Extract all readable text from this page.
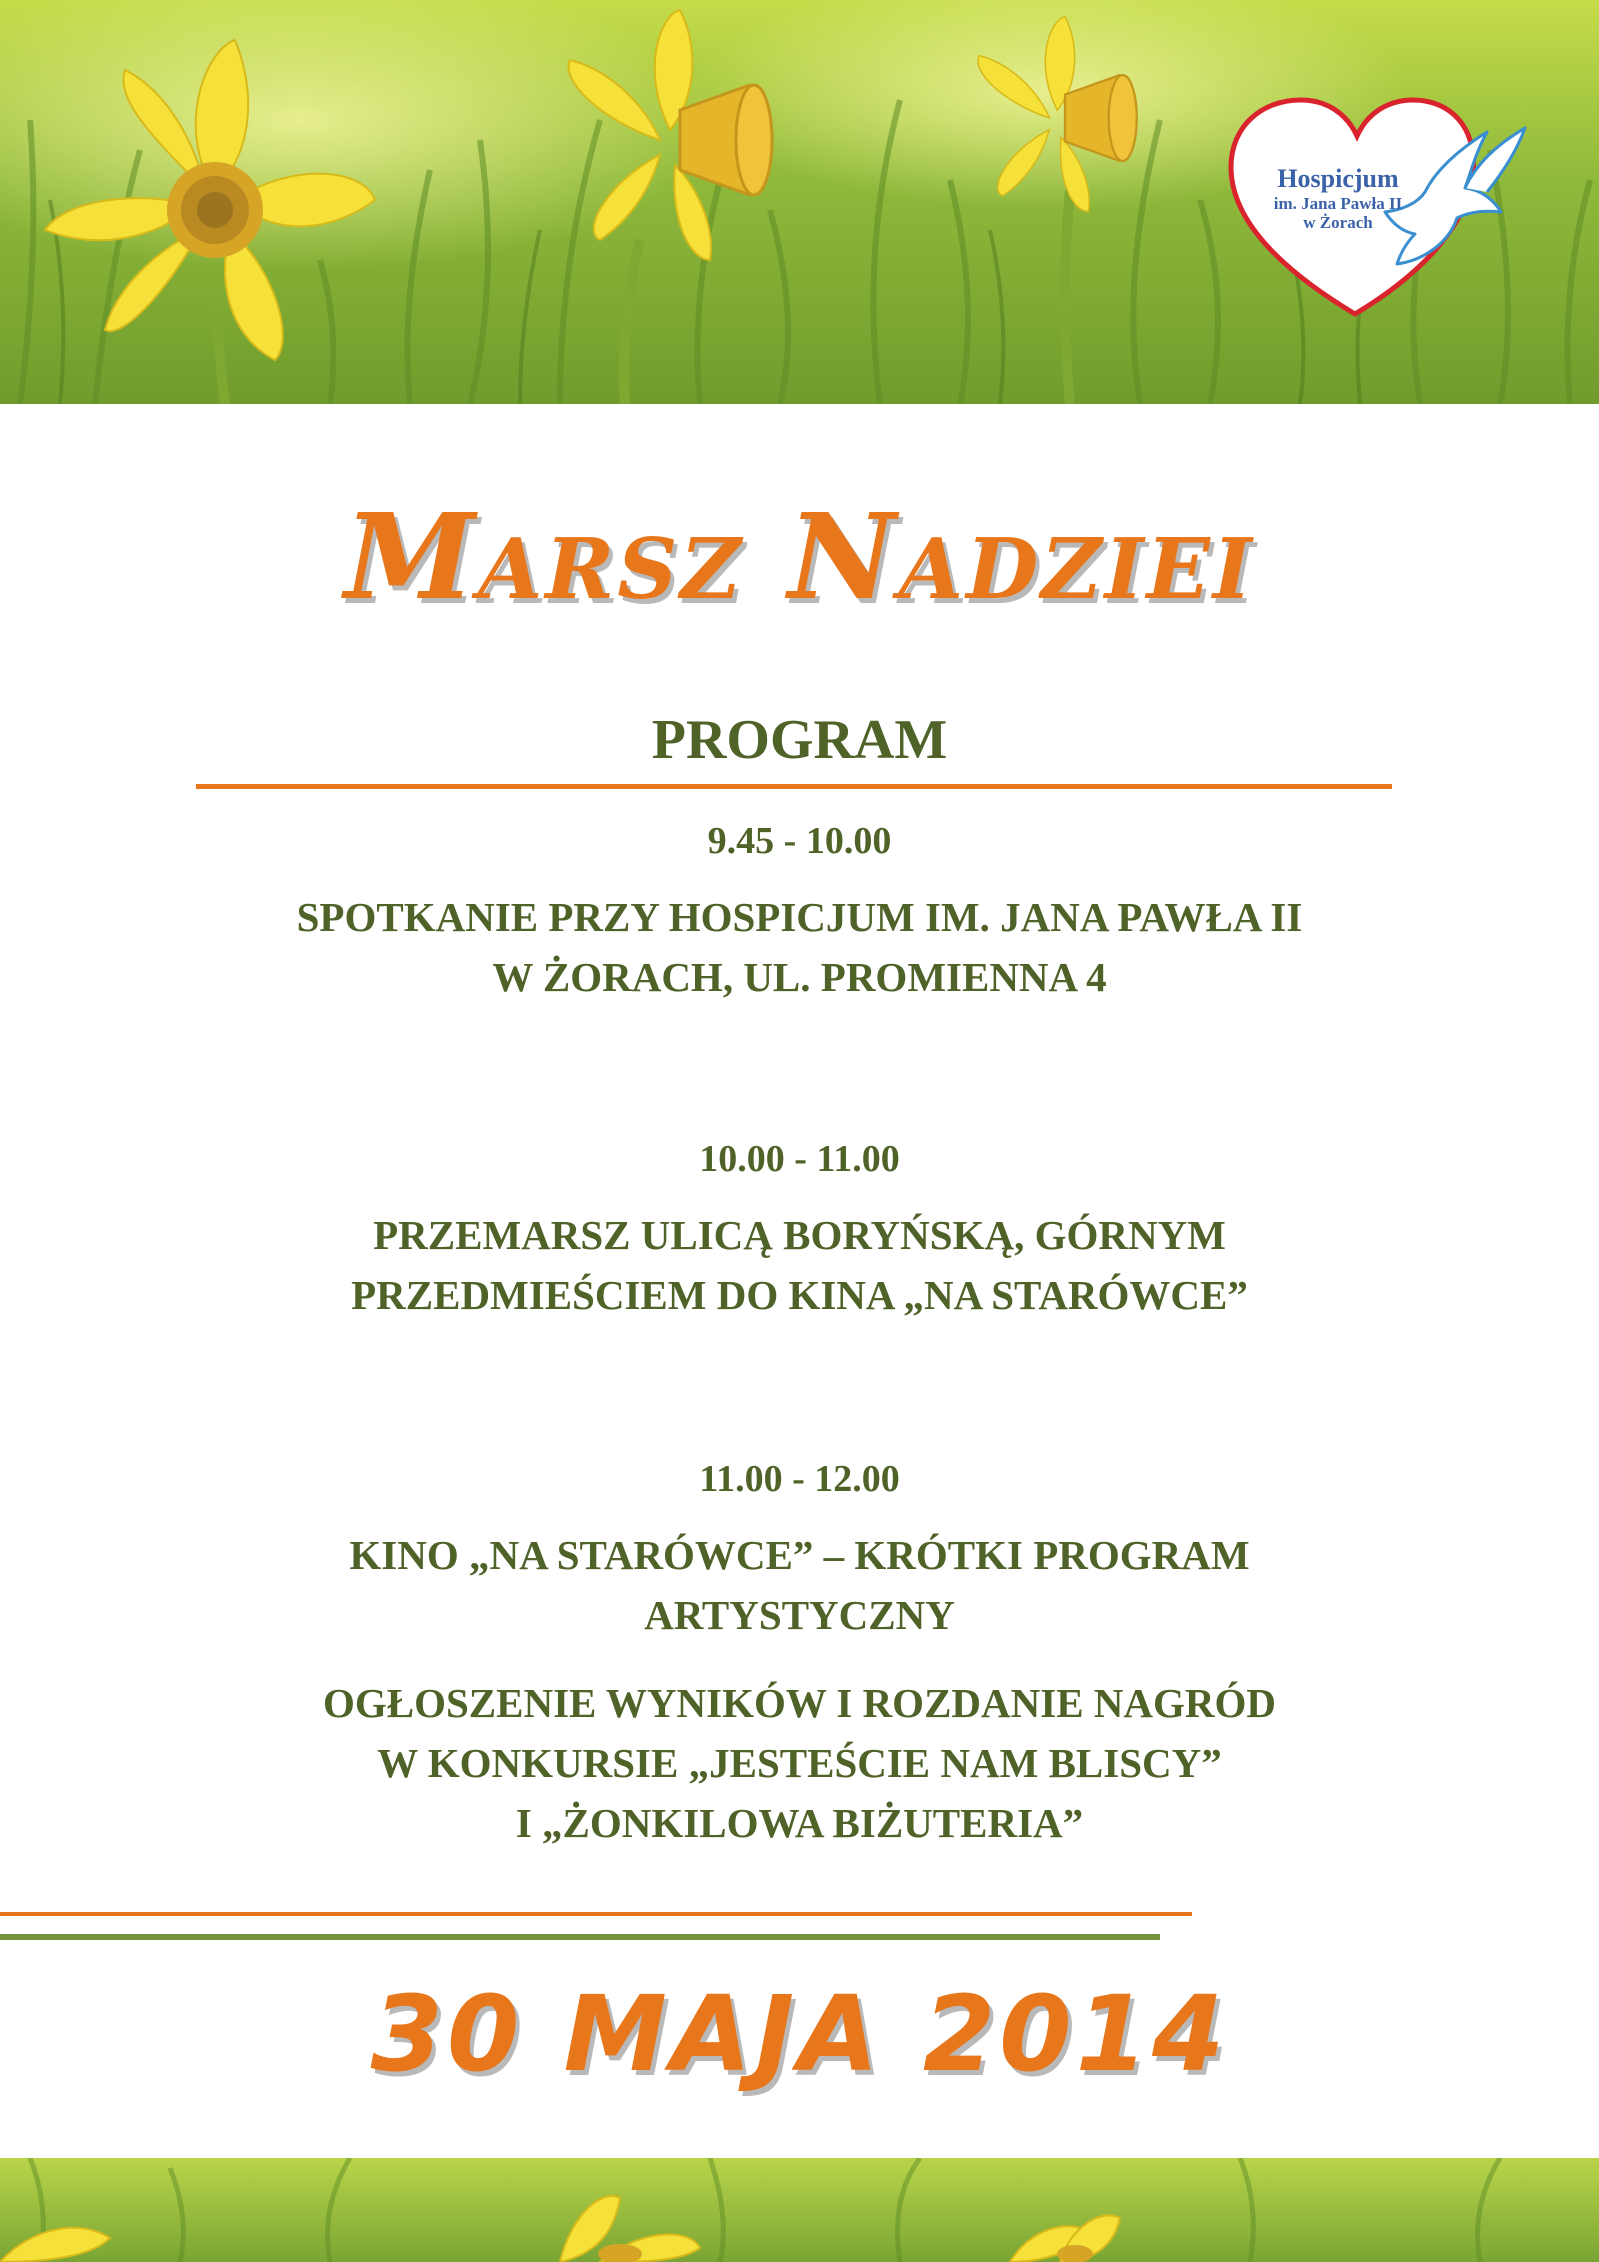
Hospicjum
im. Jana Pawła II
w Żorach
Marsz Nadziei
PROGRAM
9.45 - 10.00
SPOTKANIE PRZY HOSPICJUM IM. JANA PAWŁA II
W ŻORACH, UL. PROMIENNA 4
10.00 - 11.00
PRZEMARSZ ULICĄ BORYŃSKĄ, GÓRNYM
PRZEDMIEŚCIEM DO KINA „NA STARÓWCE”
11.00 - 12.00
KINO „NA STARÓWCE” – KRÓTKI PROGRAM
ARTYSTYCZNY
OGŁOSZENIE WYNIKÓW I ROZDANIE NAGRÓD
W KONKURSIE „JESTEŚCIE NAM BLISCY”
I „ŻONKILOWA BIŻUTERIA”
30 MAJA 2014
